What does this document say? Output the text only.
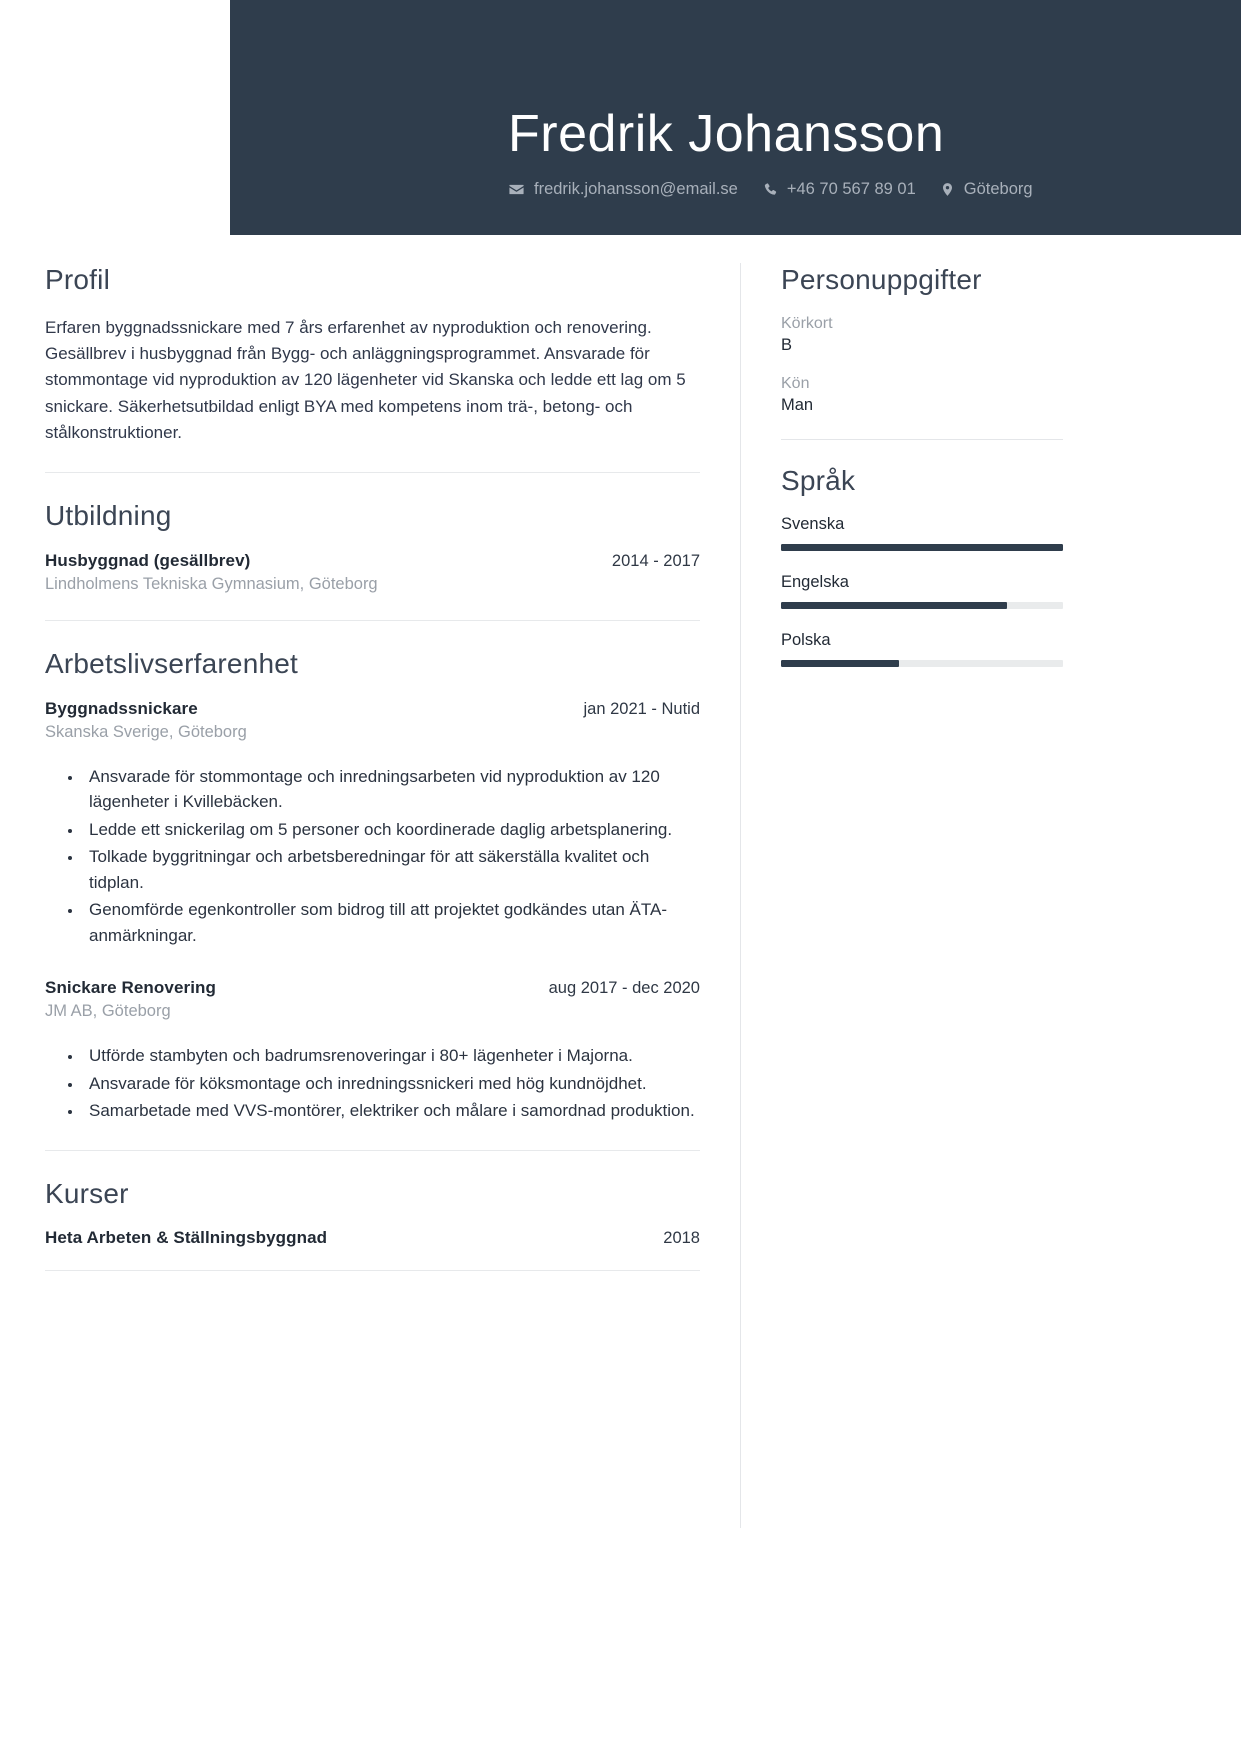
Fredrik Johansson
fredrik.johansson@email.se	+46 70 567 89 01	Göteborg
Profil

Erfaren byggnadssnickare med 7 års erfarenhet av nyproduktion och renovering. Gesällbrev i husbyggnad från Bygg- och anläggningsprogrammet. Ansvarade för stommontage vid nyproduktion av 120 lägenheter vid Skanska och ledde ett lag om 5 snickare. Säkerhetsutbildad enligt BYA med kompetens inom trä-, betong- och stålkonstruktioner.

Utbildning
Husbyggnad (gesällbrev)	2014 - 2017
Lindholmens Tekniska Gymnasium, Göteborg
Arbetslivserfarenhet
Byggnadssnickare	jan 2021 - Nutid
Skanska Sverige, Göteborg
• Ansvarade för stommontage och inredningsarbeten vid nyproduktion av 120 lägenheter i Kvillebäcken.
• Ledde ett snickerilag om 5 personer och koordinerade daglig arbetsplanering.
• Tolkade byggritningar och arbetsberedningar för att säkerställa kvalitet och tidplan.
• Genomförde egenkontroller som bidrog till att projektet godkändes utan ÄTA-anmärkningar.
Snickare Renovering	aug 2017 - dec 2020
JM AB, Göteborg
• Utförde stambyten och badrumsrenoveringar i 80+ lägenheter i Majorna.
• Ansvarade för köksmontage och inredningssnickeri med hög kundnöjdhet.
• Samarbetade med VVS-montörer, elektriker och målare i samordnad produktion.
Kurser
Heta Arbeten & Ställningsbyggnad	2018
Personuppgifter
Körkort
B
Kön
Man
Språk
Svenska
Engelska
Polska
